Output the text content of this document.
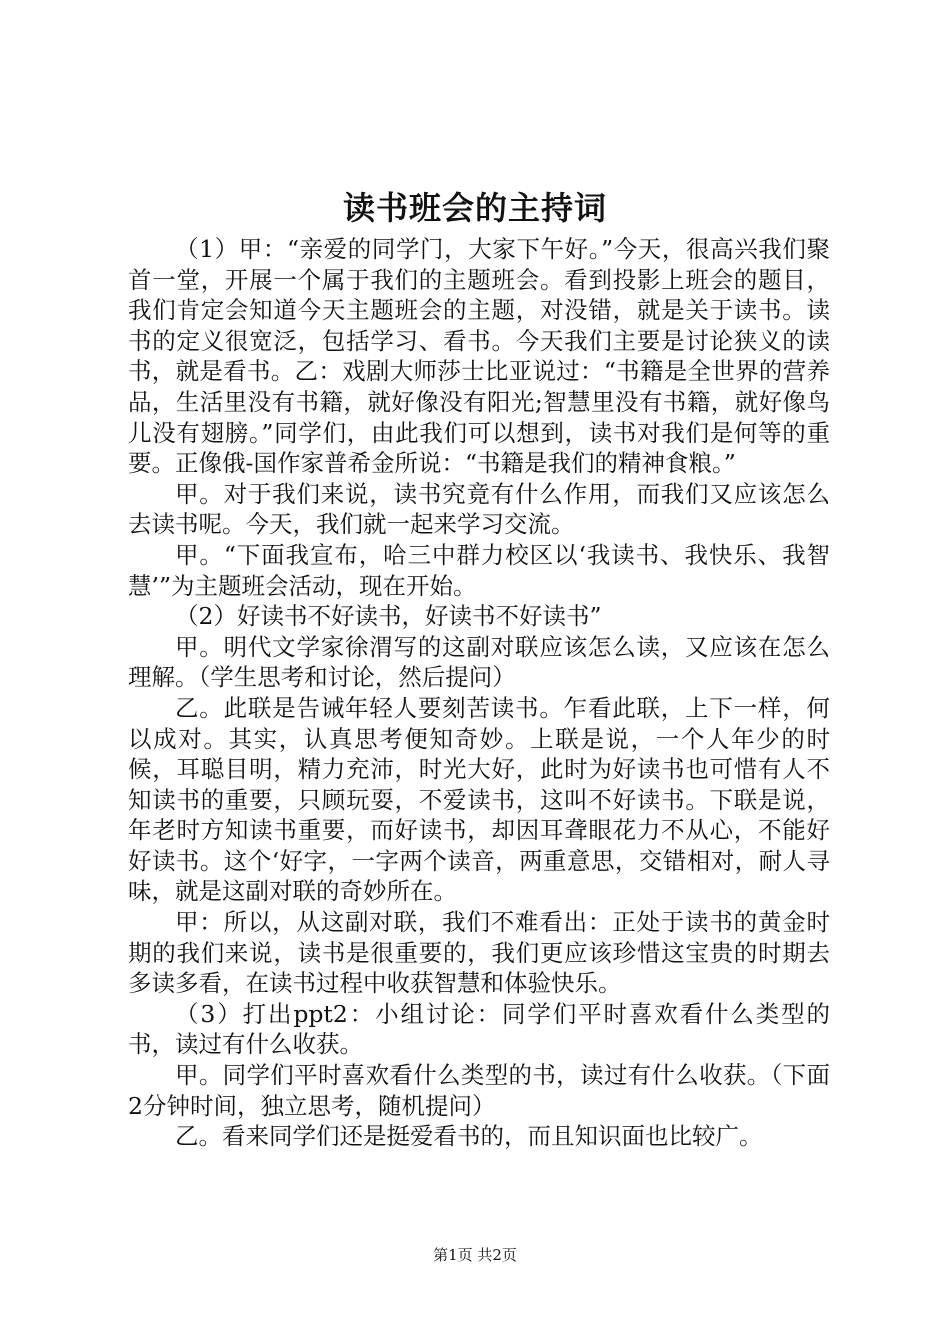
读书班会的主持词

（1）甲：“亲爱的同学门，大家下午好。”今天，很高兴我们聚首一堂，开展一个属于我们的主题班会。看到投影上班会的题目，我们肯定会知道今天主题班会的主题，对没错，就是关于读书。读书的定义很宽泛，包括学习、看书。今天我们主要是讨论狭义的读书，就是看书。乙：戏剧大师莎士比亚说过：“书籍是全世界的营养品，生活里没有书籍，就好像没有阳光;智慧里没有书籍，就好像鸟儿没有翅膀。”同学们，由此我们可以想到，读书对我们是何等的重要。正像俄-国作家普希金所说：“书籍是我们的精神食粮。”

甲。对于我们来说，读书究竟有什么作用，而我们又应该怎么去读书呢。今天，我们就一起来学习交流。

甲。“下面我宣布，哈三中群力校区以‘我读书、我快乐、我智慧’”为主题班会活动，现在开始。

（2）好读书不好读书，好读书不好读书”

甲。明代文学家徐渭写的这副对联应该怎么读，又应该在怎么理解。（学生思考和讨论，然后提问）

乙。此联是告诫年轻人要刻苦读书。乍看此联，上下一样，何以成对。其实，认真思考便知奇妙。上联是说，一个人年少的时候，耳聪目明，精力充沛，时光大好，此时为好读书也可惜有人不知读书的重要，只顾玩耍，不爱读书，这叫不好读书。下联是说，年老时方知读书重要，而好读书，却因耳聋眼花力不从心，不能好好读书。这个‘好字，一字两个读音，两重意思，交错相对，耐人寻味，就是这副对联的奇妙所在。

甲：所以，从这副对联，我们不难看出：正处于读书的黄金时期的我们来说，读书是很重要的，我们更应该珍惜这宝贵的时期去多读多看，在读书过程中收获智慧和体验快乐。

（3）打出ppt2：小组讨论：同学们平时喜欢看什么类型的书，读过有什么收获。

甲。同学们平时喜欢看什么类型的书，读过有什么收获。（下面2分钟时间，独立思考，随机提问）

乙。看来同学们还是挺爱看书的，而且知识面也比较广。

第1页 共2页
